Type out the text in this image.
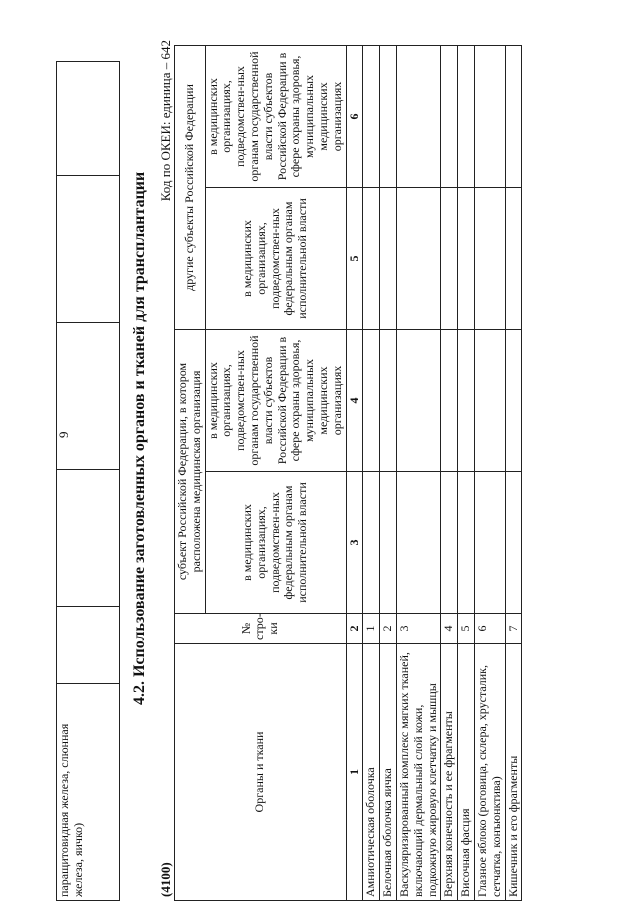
9
паращитовидная железа, слюнная железа, яичко)					
4.2. Использование заготовленных органов и тканей для трансплантации
(4100)
Код по ОКЕИ: единица – 642
Органы и ткани	№ стро-ки	субъект Российской Федерации, в котором расположена медицинская организация		другие субъекты Российской Федерации	
		в медицинских организациях, подведомствен-ных федеральным органам исполнительной власти	в медицинских организациях, подведомствен-ных органам государственной власти субъектов Российской Федерации в сфере охраны здоровья, муниципальных медицинских организациях	в медицинских организациях, подведомствен-ных федеральным органам исполнительной власти	в медицинских организациях, подведомствен-ных органам государственной власти субъектов Российской Федерации в сфере охраны здоровья, муниципальных медицинских организациях
1	2	3	4	5	6
Амниотическая оболочка	1				
Белочная оболочка яичка	2				
Васкуляризированный комплекс мягких тканей, включающий дермальный слой кожи, подкожную жировую клетчатку и мышцы	3				
Верхняя конечность и ее фрагменты	4				
Височная фасция	5				
Глазное яблоко (роговица, склера, хрусталик, сетчатка, конъюнктива)	6				
Кишечник и его фрагменты	7				
